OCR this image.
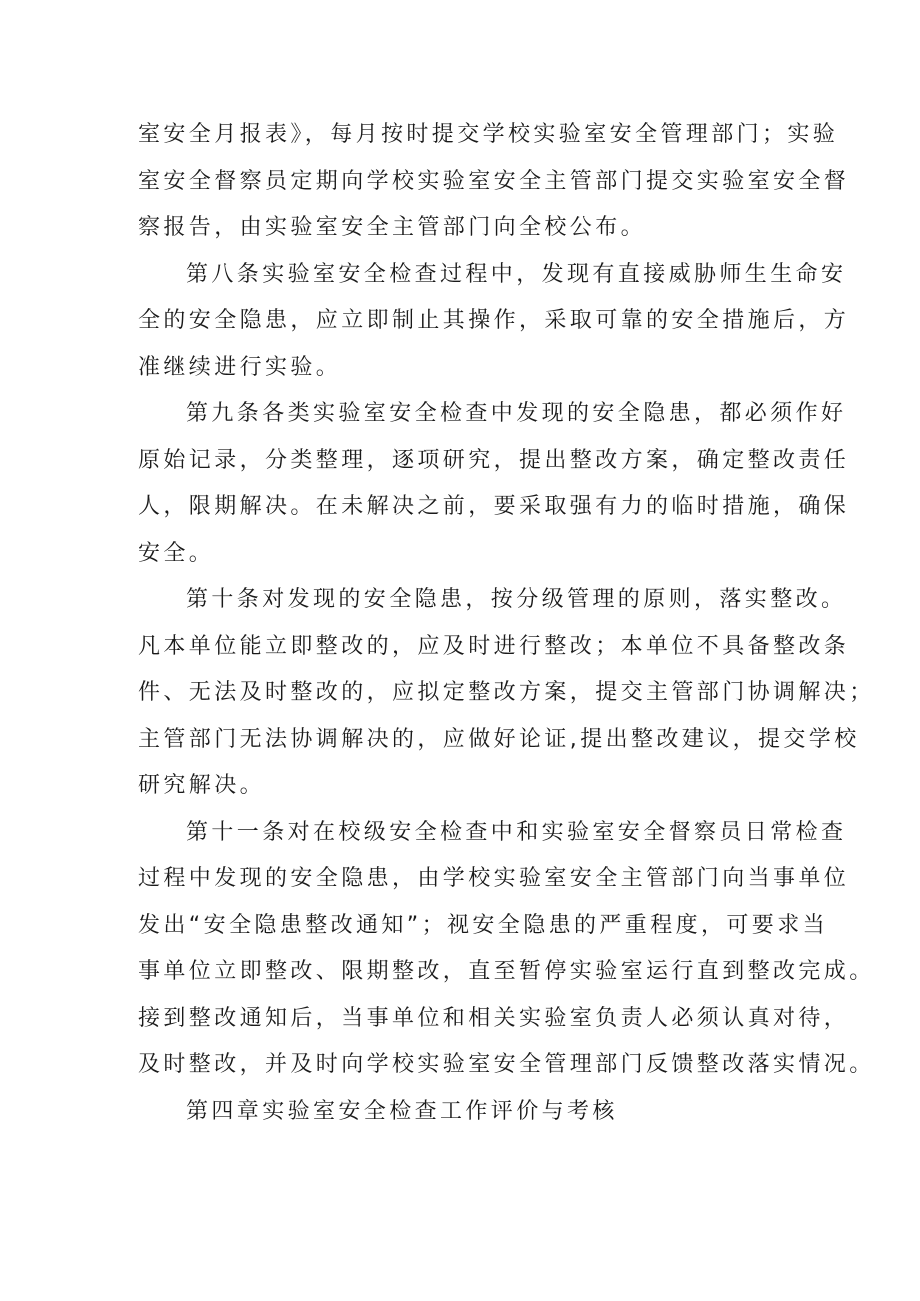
室安全月报表》，每月按时提交学校实验室安全管理部门；实验
室安全督察员定期向学校实验室安全主管部门提交实验室安全督
察报告，由实验室安全主管部门向全校公布。
第八条实验室安全检查过程中，发现有直接威胁师生生命安
全的安全隐患，应立即制止其操作，采取可靠的安全措施后，方
准继续进行实验。
第九条各类实验室安全检查中发现的安全隐患，都必须作好
原始记录，分类整理，逐项研究，提出整改方案，确定整改责任
人，限期解决。在未解决之前，要采取强有力的临时措施，确保
安全。
第十条对发现的安全隐患，按分级管理的原则，落实整改。
凡本单位能立即整改的，应及时进行整改；本单位不具备整改条
件、无法及时整改的，应拟定整改方案，提交主管部门协调解决；
主管部门无法协调解决的，应做好论证,提出整改建议，提交学校
研究解决。
第十一条对在校级安全检查中和实验室安全督察员日常检查
过程中发现的安全隐患，由学校实验室安全主管部门向当事单位
发出“安全隐患整改通知”；视安全隐患的严重程度，可要求当
事单位立即整改、限期整改，直至暂停实验室运行直到整改完成。
接到整改通知后，当事单位和相关实验室负责人必须认真对待，
及时整改，并及时向学校实验室安全管理部门反馈整改落实情况。
第四章实验室安全检查工作评价与考核
